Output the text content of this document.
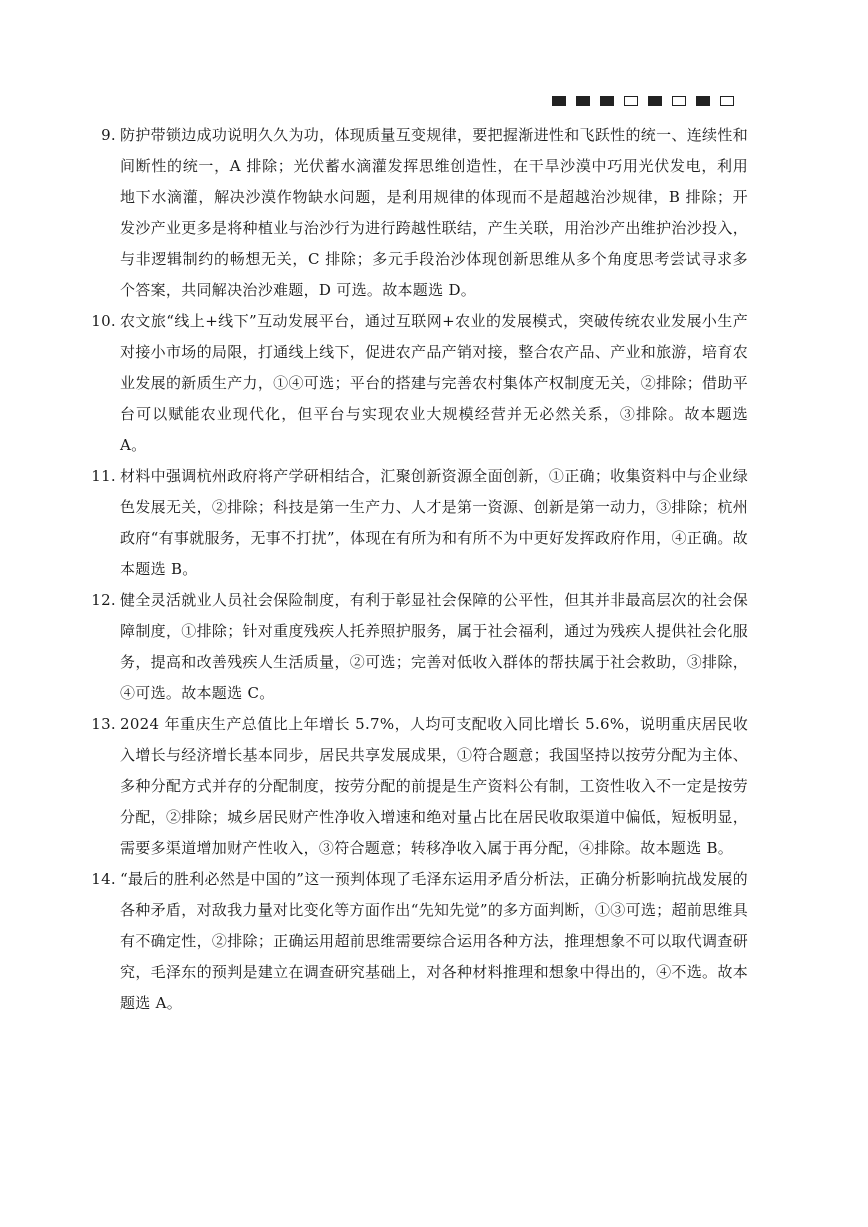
9. 防护带锁边成功说明久久为功，体现质量互变规律，要把握渐进性和飞跃性的统一、连续性和间断性的统一，A 排除；光伏蓄水滴灌发挥思维创造性，在干旱沙漠中巧用光伏发电，利用地下水滴灌，解决沙漠作物缺水问题，是利用规律的体现而不是超越治沙规律，B 排除；开发沙产业更多是将种植业与治沙行为进行跨越性联结，产生关联，用治沙产出维护治沙投入，与非逻辑制约的畅想无关，C 排除；多元手段治沙体现创新思维从多个角度思考尝试寻求多个答案，共同解决治沙难题，D 可选。故本题选 D。
10. 农文旅“线上+线下”互动发展平台，通过互联网+农业的发展模式，突破传统农业发展小生产对接小市场的局限，打通线上线下，促进农产品产销对接，整合农产品、产业和旅游，培育农业发展的新质生产力，①④可选；平台的搭建与完善农村集体产权制度无关，②排除；借助平台可以赋能农业现代化，但平台与实现农业大规模经营并无必然关系，③排除。故本题选 A。
11. 材料中强调杭州政府将产学研相结合，汇聚创新资源全面创新，①正确；收集资料中与企业绿色发展无关，②排除；科技是第一生产力、人才是第一资源、创新是第一动力，③排除；杭州政府“有事就服务，无事不打扰”，体现在有所为和有所不为中更好发挥政府作用，④正确。故本题选 B。
12. 健全灵活就业人员社会保险制度，有利于彰显社会保障的公平性，但其并非最高层次的社会保障制度，①排除；针对重度残疾人托养照护服务，属于社会福利，通过为残疾人提供社会化服务，提高和改善残疾人生活质量，②可选；完善对低收入群体的帮扶属于社会救助，③排除，④可选。故本题选 C。
13. 2024 年重庆生产总值比上年增长 5.7%，人均可支配收入同比增长 5.6%，说明重庆居民收入增长与经济增长基本同步，居民共享发展成果，①符合题意；我国坚持以按劳分配为主体、多种分配方式并存的分配制度，按劳分配的前提是生产资料公有制，工资性收入不一定是按劳分配，②排除；城乡居民财产性净收入增速和绝对量占比在居民收取渠道中偏低，短板明显，需要多渠道增加财产性收入，③符合题意；转移净收入属于再分配，④排除。故本题选 B。
14. “最后的胜利必然是中国的”这一预判体现了毛泽东运用矛盾分析法，正确分析影响抗战发展的各种矛盾，对敌我力量对比变化等方面作出“先知先觉”的多方面判断，①③可选；超前思维具有不确定性，②排除；正确运用超前思维需要综合运用各种方法，推理想象不可以取代调查研究，毛泽东的预判是建立在调查研究基础上，对各种材料推理和想象中得出的，④不选。故本题选 A。
